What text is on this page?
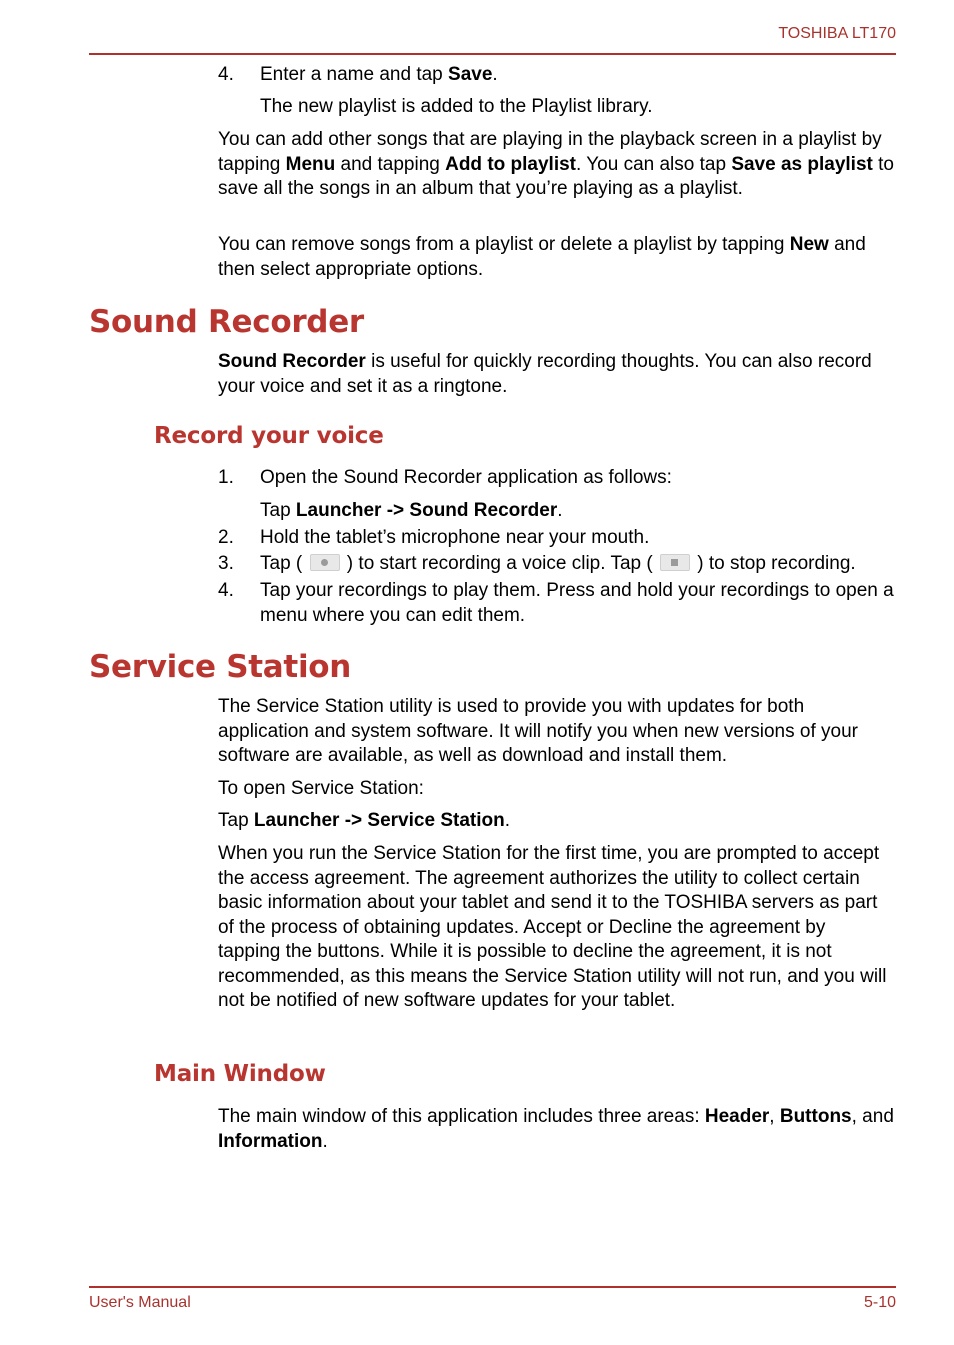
TOSHIBA LT170
4.	Enter a name and tap Save.
The new playlist is added to the Playlist library.
You can add other songs that are playing in the playback screen in a playlist by tapping Menu and tapping Add to playlist. You can also tap Save as playlist to save all the songs in an album that you’re playing as a playlist.
You can remove songs from a playlist or delete a playlist by tapping New and then select appropriate options.
Sound Recorder
Sound Recorder is useful for quickly recording thoughts. You can also record your voice and set it as a ringtone.
Record your voice
1.	Open the Sound Recorder application as follows:
Tap Launcher -> Sound Recorder.
2.	Hold the tablet’s microphone near your mouth.
3.	Tap (
) to start recording a voice clip. Tap (
) to stop recording.
4.	Tap your recordings to play them. Press and hold your recordings to open a menu where you can edit them.
Service Station
The Service Station utility is used to provide you with updates for both application and system software. It will notify you when new versions of your software are available, as well as download and install them.
To open Service Station:
Tap Launcher -> Service Station.
When you run the Service Station for the first time, you are prompted to accept the access agreement. The agreement authorizes the utility to collect certain basic information about your tablet and send it to the TOSHIBA servers as part of the process of obtaining updates. Accept or Decline the agreement by tapping the buttons. While it is possible to decline the agreement, it is not recommended, as this means the Service Station utility will not run, and you will not be notified of new software updates for your tablet.
Main Window
The main window of this application includes three areas: Header, Buttons, and Information.
User's Manual	5-10
